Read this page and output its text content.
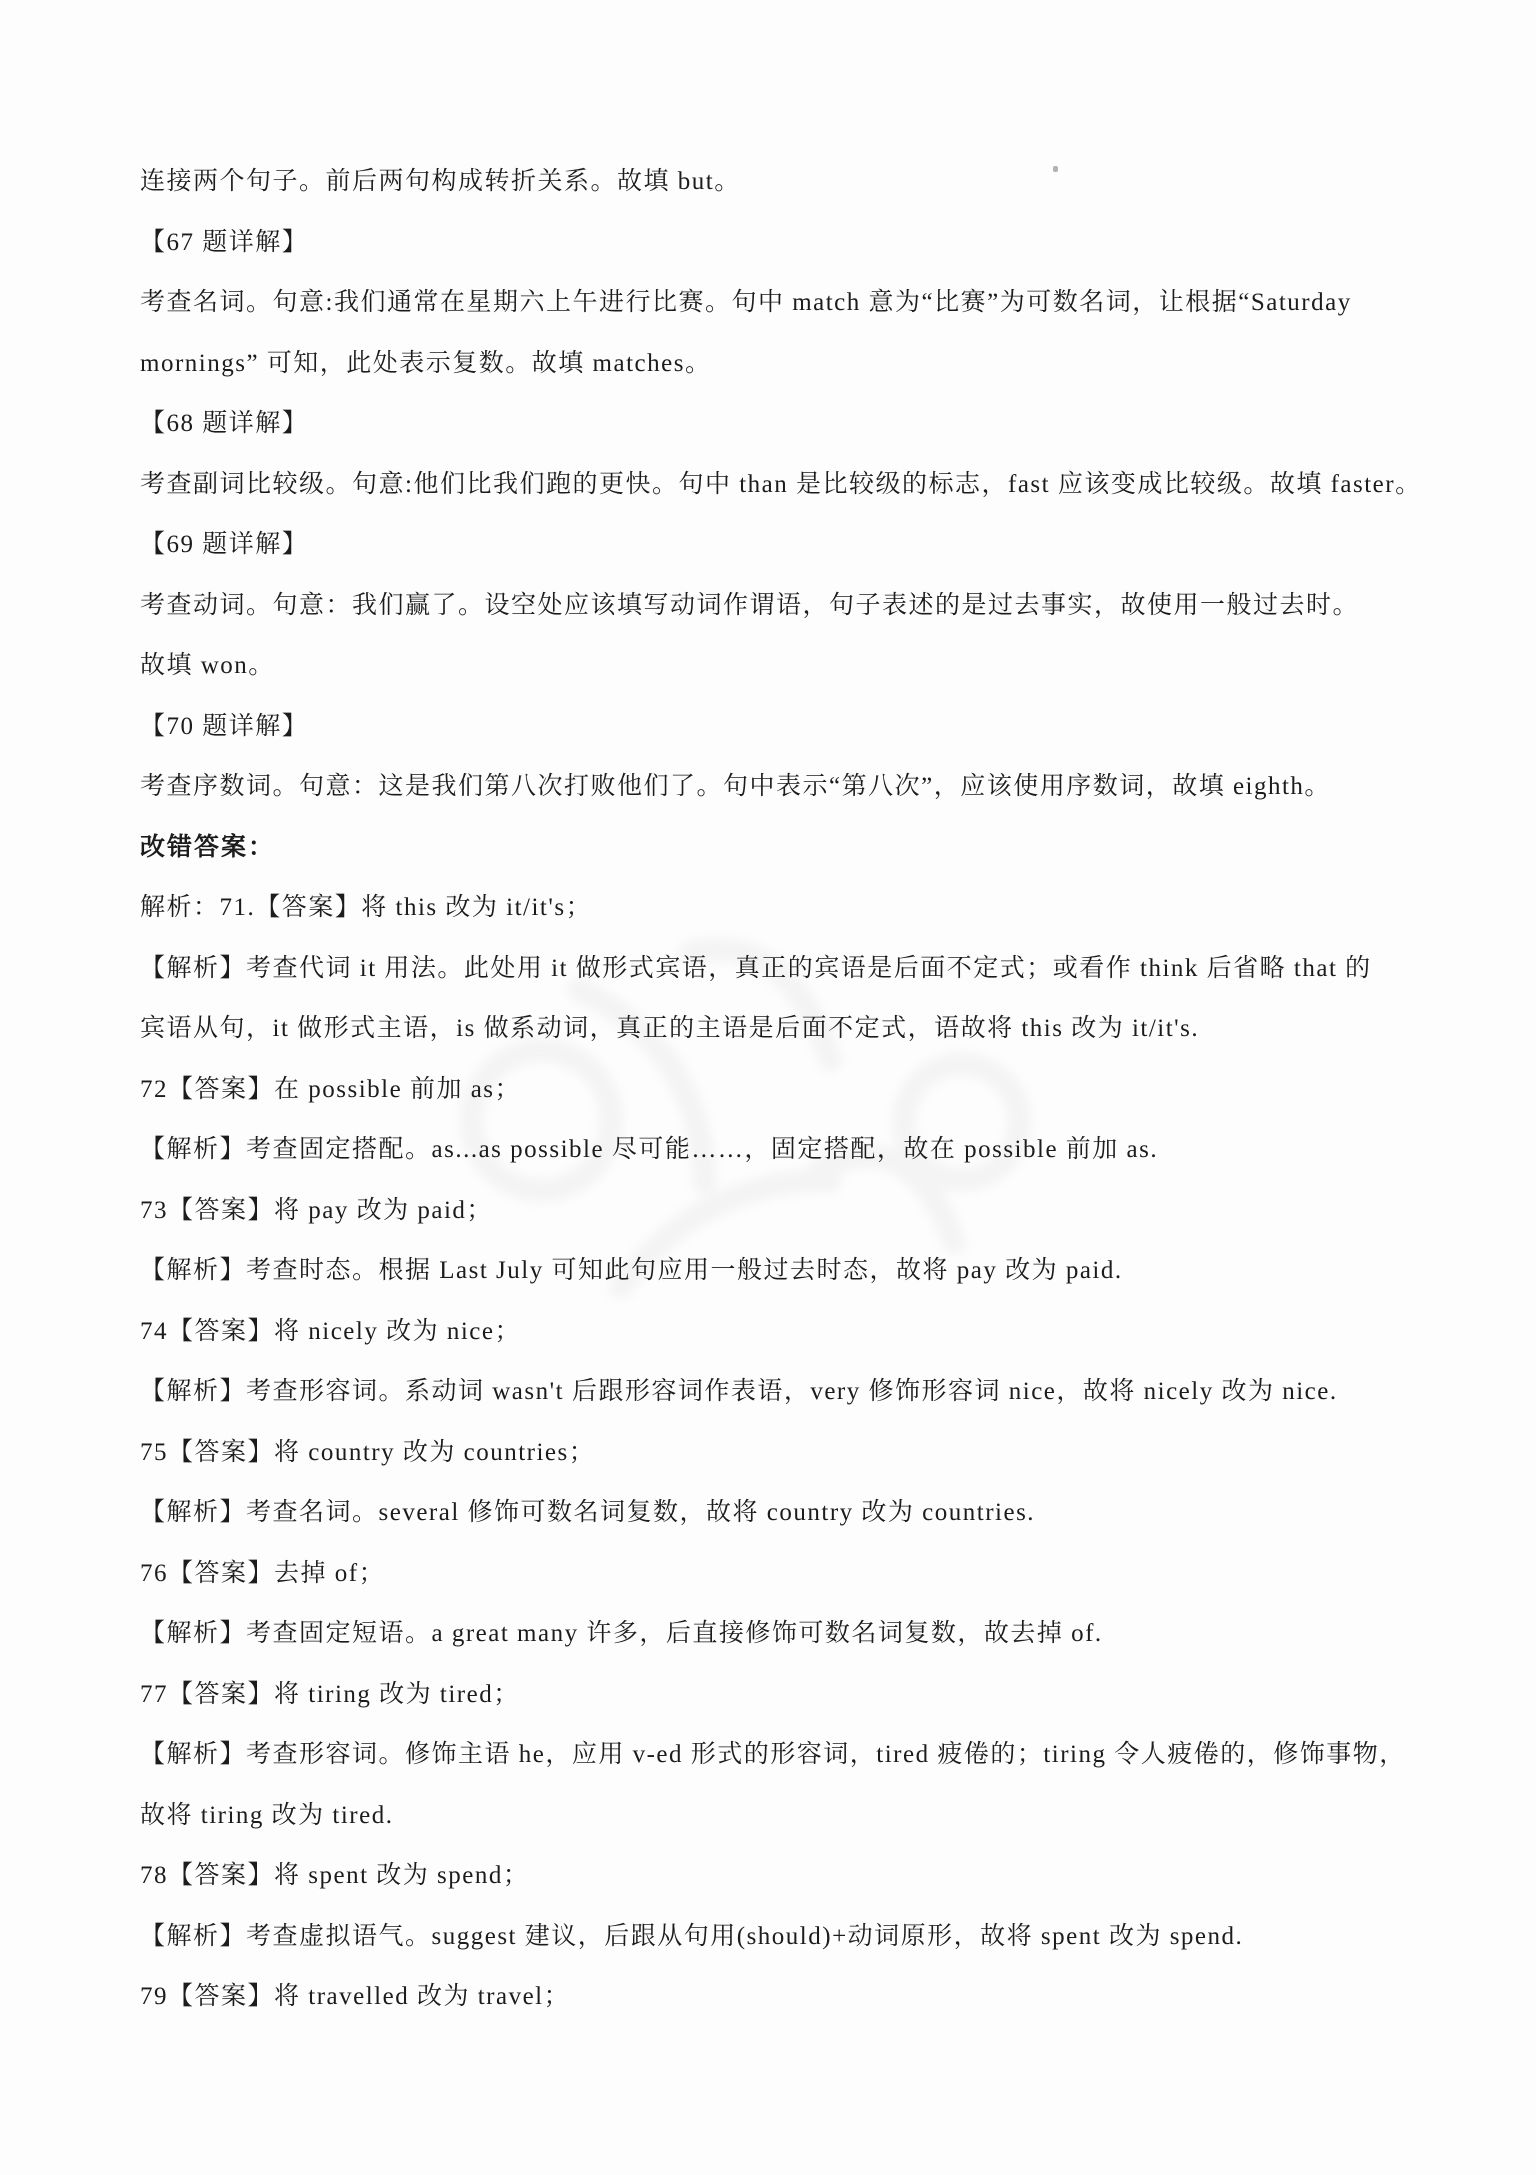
连接两个句子。前后两句构成转折关系。故填 but。
【67 题详解】
考查名词。句意:我们通常在星期六上午进行比赛。句中 match 意为“比赛”为可数名词，让根据“Saturday
mornings” 可知，此处表示复数。故填 matches。
【68 题详解】
考查副词比较级。句意:他们比我们跑的更快。句中 than 是比较级的标志，fast 应该变成比较级。故填 faster。
【69 题详解】
考查动词。句意：我们赢了。设空处应该填写动词作谓语，句子表述的是过去事实，故使用一般过去时。
故填 won。
【70 题详解】
考查序数词。句意：这是我们第八次打败他们了。句中表示“第八次”，应该使用序数词，故填 eighth。
改错答案：
解析：71.【答案】将 this 改为 it/it's；
【解析】考查代词 it 用法。此处用 it 做形式宾语，真正的宾语是后面不定式；或看作 think 后省略 that 的
宾语从句，it 做形式主语，is 做系动词，真正的主语是后面不定式，语故将 this 改为 it/it's.
72【答案】在 possible 前加 as；
【解析】考查固定搭配。as...as possible 尽可能……，固定搭配，故在 possible 前加 as.
73【答案】将 pay 改为 paid；
【解析】考查时态。根据 Last July 可知此句应用一般过去时态，故将 pay 改为 paid.
74【答案】将 nicely 改为 nice；
【解析】考查形容词。系动词 wasn't 后跟形容词作表语，very 修饰形容词 nice，故将 nicely 改为 nice.
75【答案】将 country 改为 countries；
【解析】考查名词。several 修饰可数名词复数，故将 country 改为 countries.
76【答案】去掉 of；
【解析】考查固定短语。a great many 许多，后直接修饰可数名词复数，故去掉 of.
77【答案】将 tiring 改为 tired；
【解析】考查形容词。修饰主语 he，应用 v-ed 形式的形容词，tired 疲倦的；tiring 令人疲倦的，修饰事物，
故将 tiring 改为 tired.
78【答案】将 spent 改为 spend；
【解析】考查虚拟语气。suggest 建议，后跟从句用(should)+动词原形，故将 spent 改为 spend.
79【答案】将 travelled 改为 travel；
